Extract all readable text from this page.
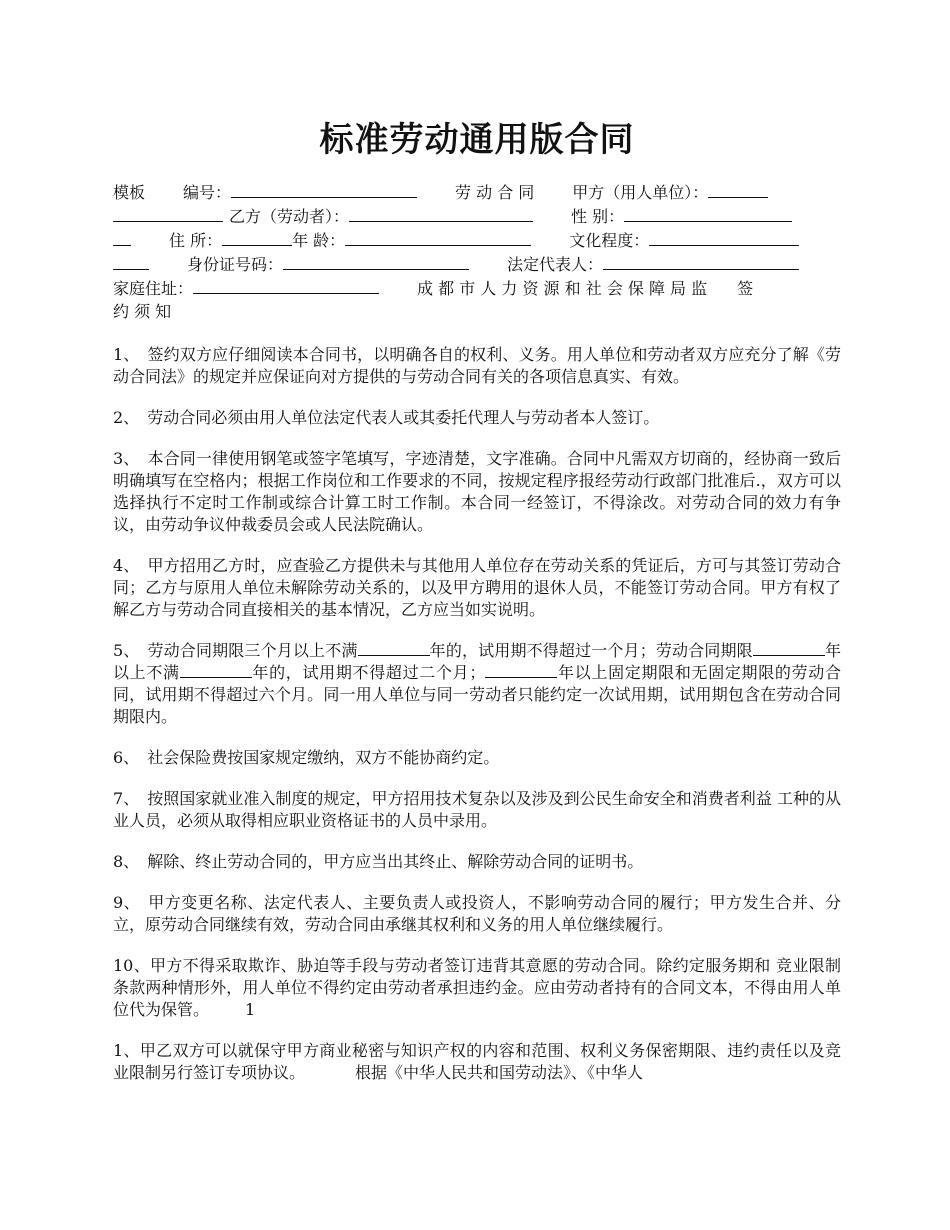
标准劳动通用版合同
模板 编号：	劳 动 合 同 甲方（用人单位）：
乙方（劳动者）：	性 别：
住 所：	年 龄：	文化程度：
身份证号码：	法定代表人：
家庭住址：	成 都 市 人 力 资 源 和 社 会 保 障 局 监 签
约 须 知

1、 签约双方应仔细阅读本合同书，以明确各自的权利、义务。用人单位和劳动者双方应充分了解《劳动合同法》的规定并应保证向对方提供的与劳动合同有关的各项信息真实、有效。

2、 劳动合同必须由用人单位法定代表人或其委托代理人与劳动者本人签订。

3、 本合同一律使用钢笔或签字笔填写，字迹清楚，文字准确。合同中凡需双方切商的，经协商一致后明确填写在空格内；根据工作岗位和工作要求的不同，按规定程序报经劳动行政部门批准后.，双方可以选择执行不定时工作制或综合计算工时工作制。本合同一经签订，不得涂改。对劳动合同的效力有争议，由劳动争议仲裁委员会或人民法院确认。

4、 甲方招用乙方时，应查验乙方提供未与其他用人单位存在劳动关系的凭证后，方可与其签订劳动合同；乙方与原用人单位未解除劳动关系的，以及甲方聘用的退休人员，不能签订劳动合同。甲方有权了解乙方与劳动合同直接相关的基本情况，乙方应当如实说明。

5、 劳动合同期限三个月以上不满	年的，试用期不得超过一个月；劳动合同期限	年以上不满	年的，试用期不得超过二个月；	年以上固定期限和无固定期限的劳动合同，试用期不得超过六个月。同一用人单位与同一劳动者只能约定一次试用期，试用期包含在劳动合同期限内。

6、 社会保险费按国家规定缴纳，双方不能协商约定。

7、 按照国家就业准入制度的规定，甲方招用技术复杂以及涉及到公民生命安全和消费者利益 工种的从业人员，必须从取得相应职业资格证书的人员中录用。

8、 解除、终止劳动合同的，甲方应当出其终止、解除劳动合同的证明书。

9、 甲方变更名称、法定代表人、主要负责人或投资人，不影响劳动合同的履行；甲方发生合并、分立，原劳动合同继续有效，劳动合同由承继其权利和义务的用人单位继续履行。

10、甲方不得采取欺诈、胁迫等手段与劳动者签订违背其意愿的劳动合同。除约定服务期和 竞业限制条款两种情形外，用人单位不得约定由劳动者承担违约金。应由劳动者持有的合同文本，不得由用人单位代为保管。 1

1、甲乙双方可以就保守甲方商业秘密与知识产权的内容和范围、权利义务保密期限、违约责任以及竞业限制另行签订专项协议。	根据《中华人民共和国劳动法》、《中华人
